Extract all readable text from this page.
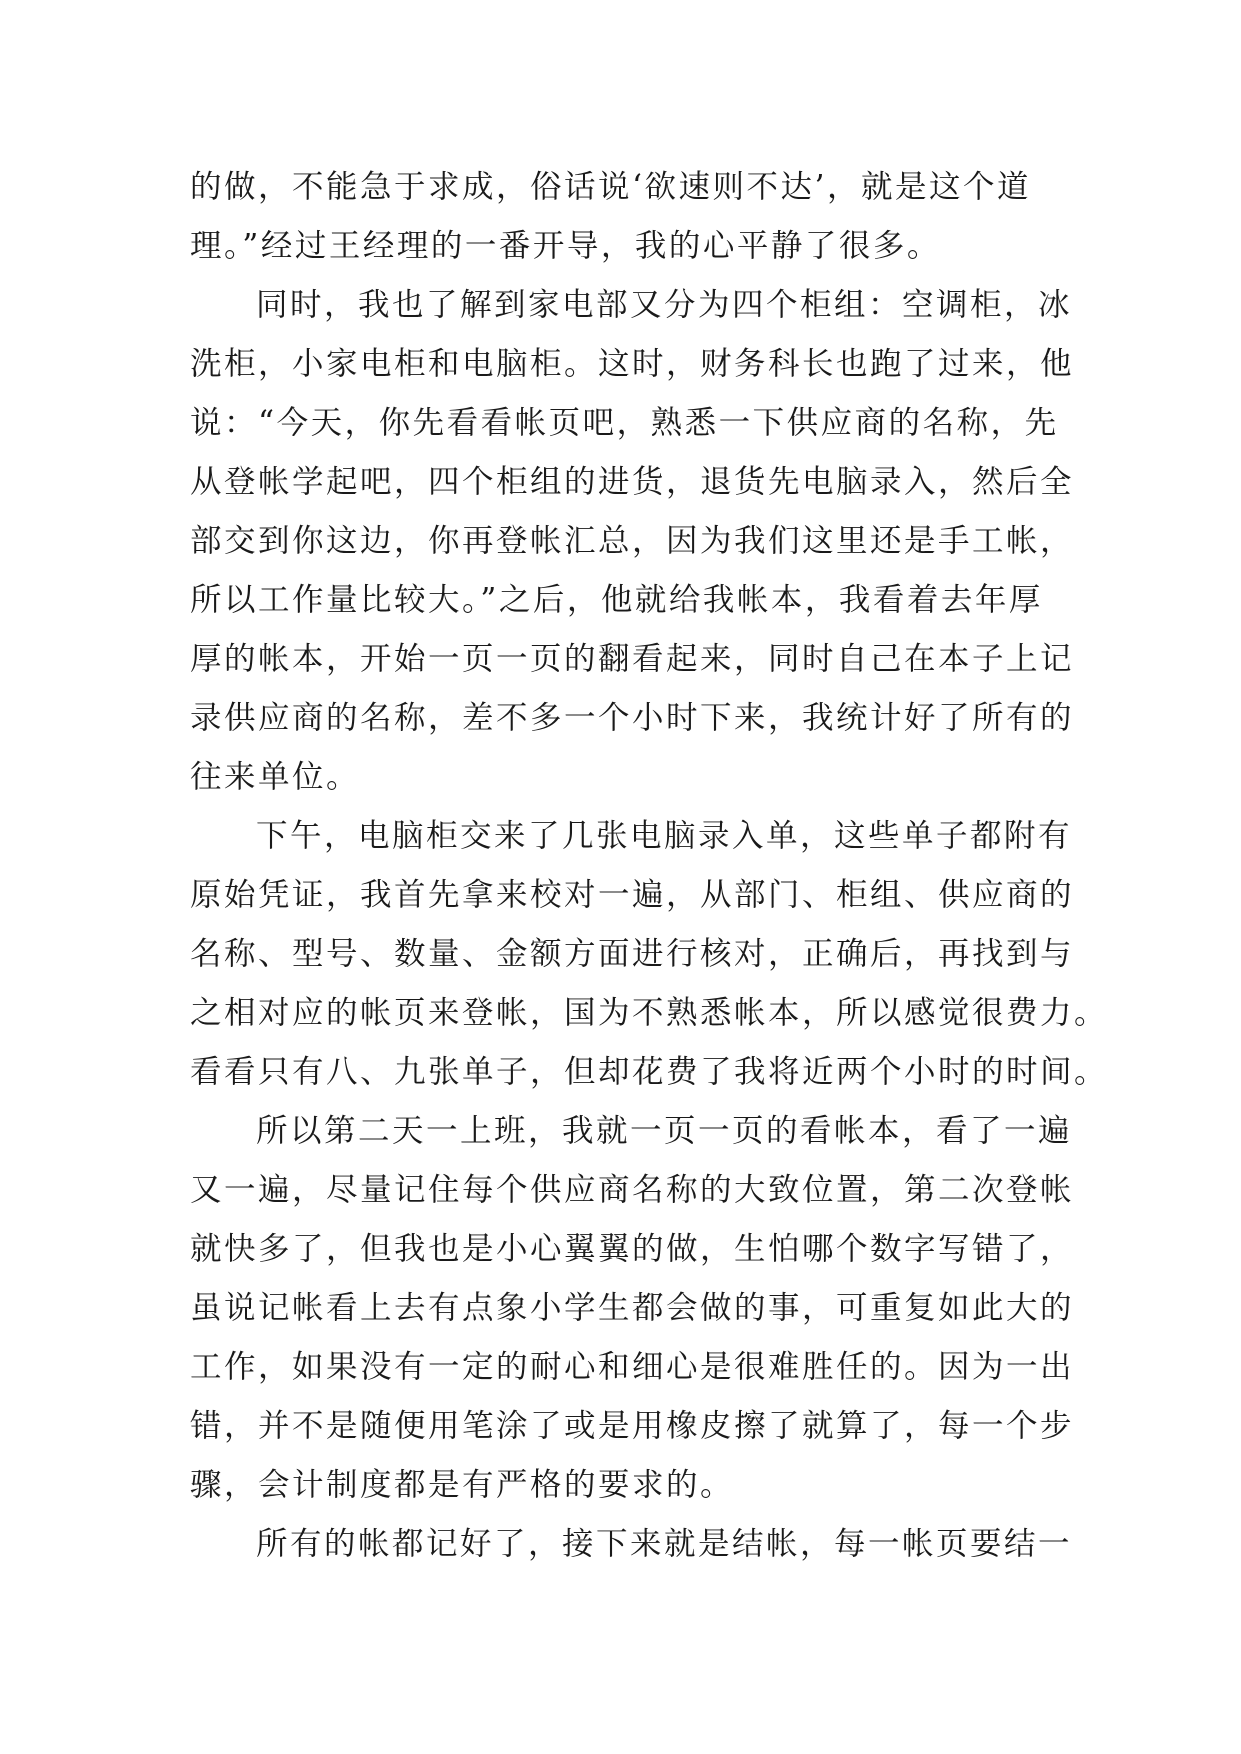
的做，不能急于求成，俗话说‘欲速则不达’，就是这个道
理。”经过王经理的一番开导，我的心平静了很多。
同时，我也了解到家电部又分为四个柜组：空调柜，冰
洗柜，小家电柜和电脑柜。这时，财务科长也跑了过来，他
说：“今天，你先看看帐页吧，熟悉一下供应商的名称，先
从登帐学起吧，四个柜组的进货，退货先电脑录入，然后全
部交到你这边，你再登帐汇总，因为我们这里还是手工帐，
所以工作量比较大。”之后，他就给我帐本，我看着去年厚
厚的帐本，开始一页一页的翻看起来，同时自己在本子上记
录供应商的名称，差不多一个小时下来，我统计好了所有的
往来单位。
下午，电脑柜交来了几张电脑录入单，这些单子都附有
原始凭证，我首先拿来校对一遍，从部门、柜组、供应商的
名称、型号、数量、金额方面进行核对，正确后，再找到与
之相对应的帐页来登帐，国为不熟悉帐本，所以感觉很费力。
看看只有八、九张单子，但却花费了我将近两个小时的时间。
所以第二天一上班，我就一页一页的看帐本，看了一遍
又一遍，尽量记住每个供应商名称的大致位置，第二次登帐
就快多了，但我也是小心翼翼的做，生怕哪个数字写错了，
虽说记帐看上去有点象小学生都会做的事，可重复如此大的
工作，如果没有一定的耐心和细心是很难胜任的。因为一出
错，并不是随便用笔涂了或是用橡皮擦了就算了，每一个步
骤，会计制度都是有严格的要求的。
所有的帐都记好了，接下来就是结帐，每一帐页要结一
